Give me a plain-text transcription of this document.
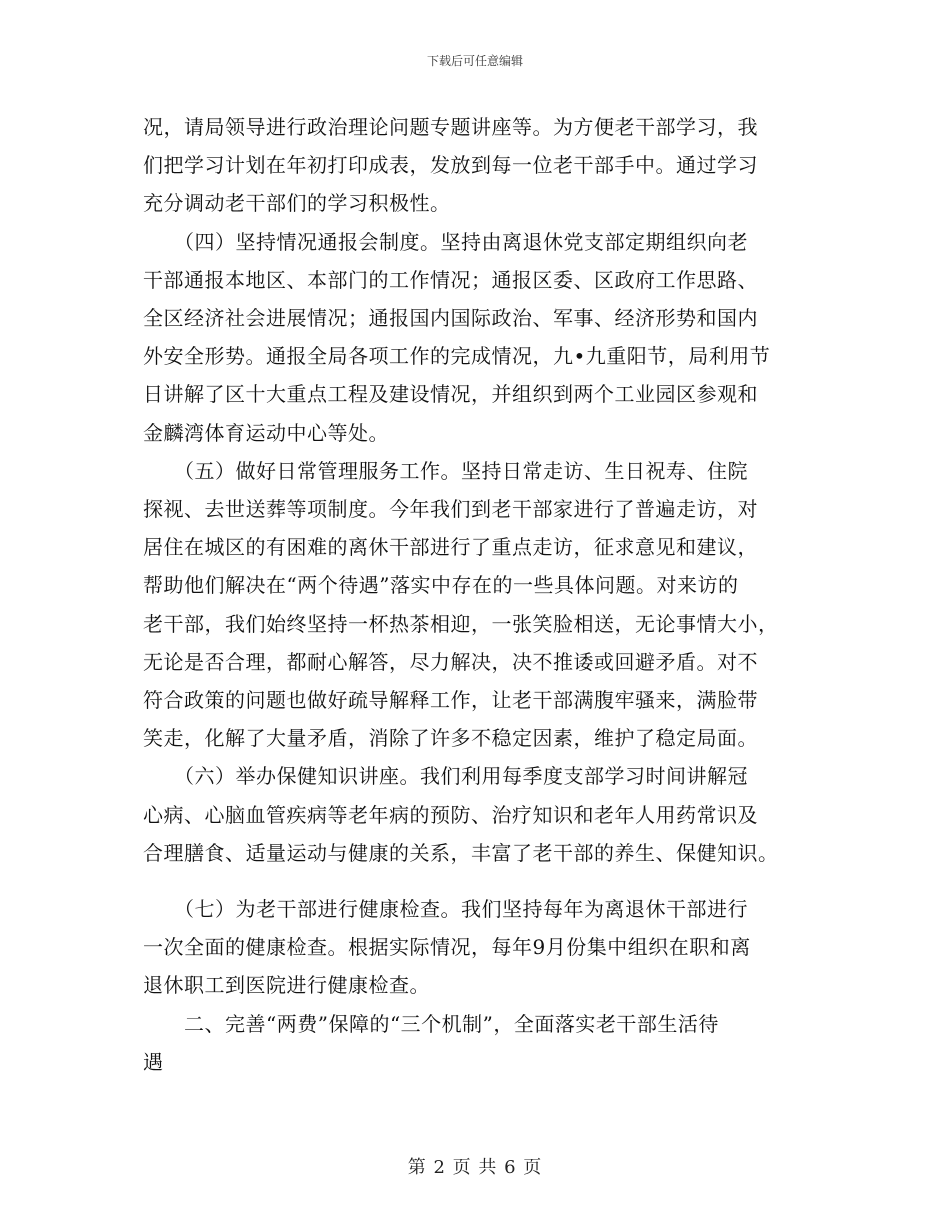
下载后可任意编辑

况，请局领导进行政治理论问题专题讲座等。为方便老干部学习，我
们把学习计划在年初打印成表，发放到每一位老干部手中。通过学习
充分调动老干部们的学习积极性。

　　（四）坚持情况通报会制度。坚持由离退休党支部定期组织向老
干部通报本地区、本部门的工作情况；通报区委、区政府工作思路、
全区经济社会进展情况；通报国内国际政治、军事、经济形势和国内
外安全形势。通报全局各项工作的完成情况，九•九重阳节，局利用节
日讲解了区十大重点工程及建设情况，并组织到两个工业园区参观和
金麟湾体育运动中心等处。

　　（五）做好日常管理服务工作。坚持日常走访、生日祝寿、住院
探视、去世送葬等项制度。今年我们到老干部家进行了普遍走访，对
居住在城区的有困难的离休干部进行了重点走访，征求意见和建议，
帮助他们解决在“两个待遇”落实中存在的一些具体问题。对来访的
老干部，我们始终坚持一杯热茶相迎，一张笑脸相送，无论事情大小，
无论是否合理，都耐心解答，尽力解决，决不推诿或回避矛盾。对不
符合政策的问题也做好疏导解释工作，让老干部满腹牢骚来，满脸带
笑走，化解了大量矛盾，消除了许多不稳定因素，维护了稳定局面。

　　（六）举办保健知识讲座。我们利用每季度支部学习时间讲解冠
心病、心脑血管疾病等老年病的预防、治疗知识和老年人用药常识及
合理膳食、适量运动与健康的关系，丰富了老干部的养生、保健知识。

　　（七）为老干部进行健康检查。我们坚持每年为离退休干部进行
一次全面的健康检查。根据实际情况，每年9月份集中组织在职和离
退休职工到医院进行健康检查。

　　二、完善“两费”保障的“三个机制”，全面落实老干部生活待
遇

第 2 页 共 6 页
